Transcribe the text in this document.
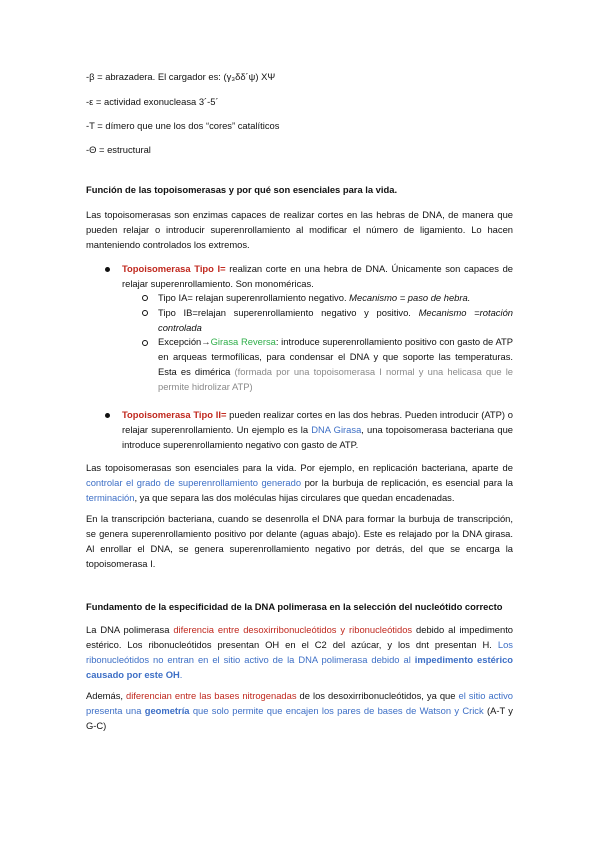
-β = abrazadera. El cargador es: (γ₃δδ´ψ) XΨ
-ε = actividad exonucleasa 3´-5´
-T = dímero que une los dos “cores” catalíticos
-Θ = estructural
Función de las topoisomerasas y por qué son esenciales para la vida.
Las topoisomerasas son enzimas capaces de realizar cortes en las hebras de DNA, de manera que pueden relajar o introducir superenrollamiento al modificar el número de ligamiento. Lo hacen manteniendo controlados los extremos.
Topoisomerasa Tipo I= realizan corte en una hebra de DNA. Únicamente son capaces de relajar superenrollamiento. Son monoméricas.
Tipo IA= relajan superenrollamiento negativo. Mecanismo = paso de hebra.
Tipo IB=relajan superenrollamiento negativo y positivo. Mecanismo =rotación controlada
Excepción→Girasa Reversa: introduce superenrollamiento positivo con gasto de ATP en arqueas termofílicas, para condensar el DNA y que soporte las temperaturas. Esta es dimérica (formada por una topoisomerasa I normal y una helicasa que le permite hidrolizar ATP)
Topoisomerasa Tipo II= pueden realizar cortes en las dos hebras. Pueden introducir (ATP) o relajar superenrollamiento. Un ejemplo es la DNA Girasa, una topoisomerasa bacteriana que introduce superenrollamiento negativo con gasto de ATP.
Las topoisomerasas son esenciales para la vida. Por ejemplo, en replicación bacteriana, aparte de controlar el grado de superenrollamiento generado por la burbuja de replicación, es esencial para la terminación, ya que separa las dos moléculas hijas circulares que quedan encadenadas.
En la transcripción bacteriana, cuando se desenrolla el DNA para formar la burbuja de transcripción, se genera superenrollamiento positivo por delante (aguas abajo). Este es relajado por la DNA girasa. Al enrollar el DNA, se genera superenrollamiento negativo por detrás, del que se encarga la topoisomerasa I.
Fundamento de la especificidad de la DNA polimerasa en la selección del nucleótido correcto
La DNA polimerasa diferencia entre desoxirribonucleótidos y ribonucleótidos debido al impedimento estérico. Los ribonucleótidos presentan OH en el C2 del azúcar, y los dnt presentan H. Los ribonucleótidos no entran en el sitio activo de la DNA polimerasa debido al impedimento estérico causado por este OH.
Además, diferencian entre las bases nitrogenadas de los desoxirribonucleótidos, ya que el sitio activo presenta una geometría que solo permite que encajen los pares de bases de Watson y Crick (A-T y G-C)
